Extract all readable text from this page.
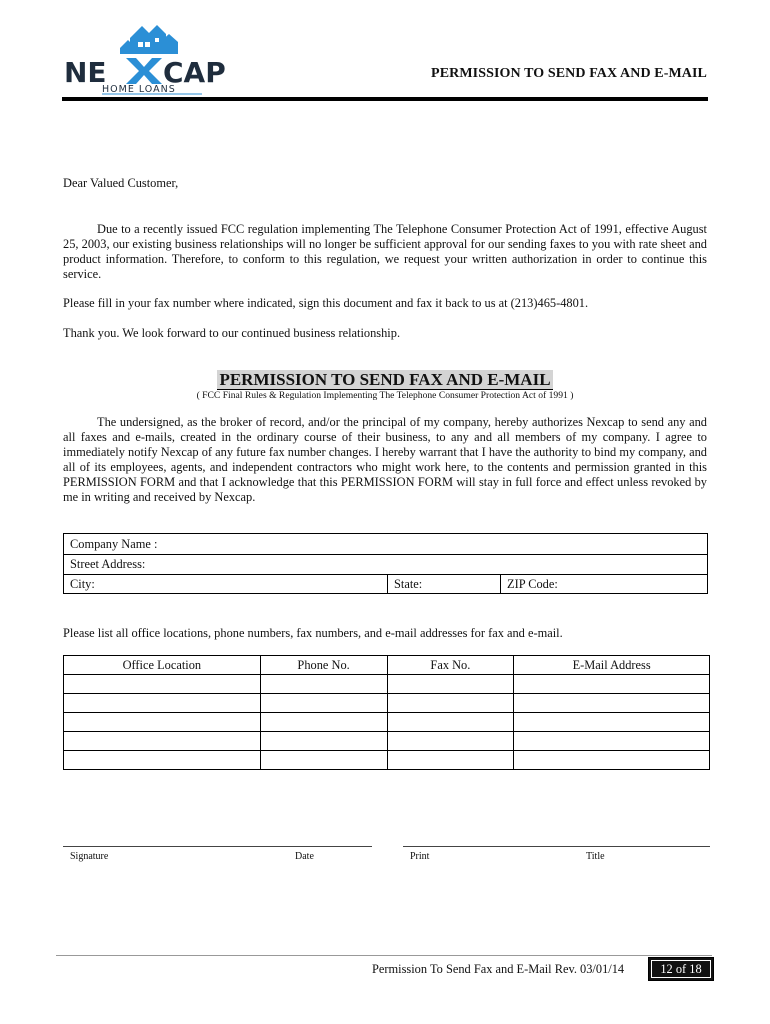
NE CAP
HOME LOANS
PERMISSION TO SEND FAX AND E-MAIL
Dear Valued Customer,
Due to a recently issued FCC regulation implementing The Telephone Consumer Protection Act of 1991, effective August 25, 2003, our existing business relationships will no longer be sufficient approval for our sending faxes to you with rate sheet and product information. Therefore, to conform to this regulation, we request your written authorization in order to continue this service.
Please fill in your fax number where indicated, sign this document and fax it back to us at (213)465-4801.
Thank you. We look forward to our continued business relationship.
PERMISSION TO SEND FAX AND E-MAIL
( FCC Final Rules & Regulation Implementing The Telephone Consumer Protection Act of 1991 )
The undersigned, as the broker of record, and/or the principal of my company, hereby authorizes Nexcap to send any and all faxes and e-mails, created in the ordinary course of their business, to any and all members of my company. I agree to immediately notify Nexcap of any future fax number changes. I hereby warrant that I have the authority to bind my company, and all of its employees, agents, and independent contractors who might work here, to the contents and permission granted in this PERMISSION FORM and that I acknowledge that this PERMISSION FORM will stay in full force and effect unless revoked by me in writing and received by Nexcap.
Company Name :
Street Address:
City:	State:	ZIP Code:
Please list all office locations, phone numbers, fax numbers, and e-mail addresses for fax and e-mail.
Office Location	Phone No.	Fax No.	E-Mail Address

Signature	Date	Print	Title
Permission To Send Fax and E-Mail Rev. 03/01/14	12 of 18
